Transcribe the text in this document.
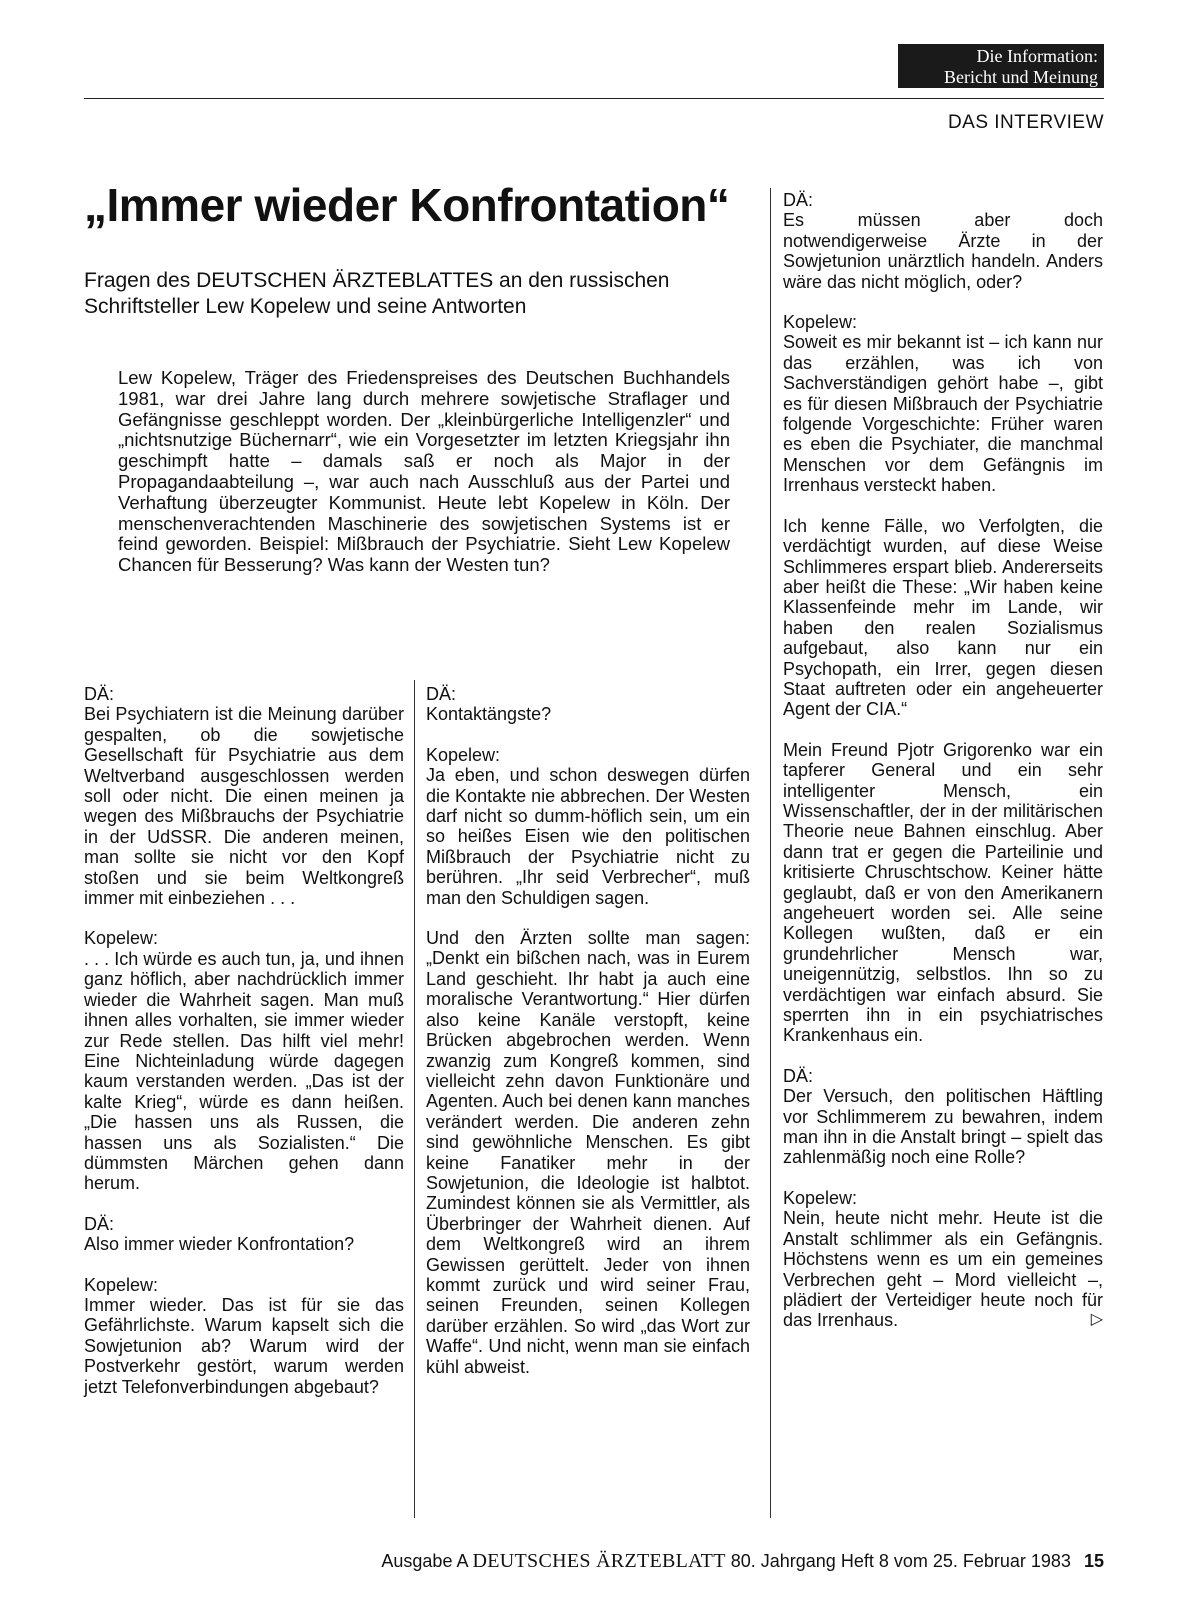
Die Information:
Bericht und Meinung
DAS INTERVIEW
„Immer wieder Konfrontation“

Fragen des DEUTSCHEN ÄRZTEBLATTES an den russischen Schriftsteller Lew Kopelew und seine Antworten

Lew Kopelew, Träger des Friedenspreises des Deutschen Buchhandels 1981, war drei Jahre lang durch mehrere sowjetische Straflager und Gefängnisse geschleppt worden. Der „kleinbürgerliche Intelligenzler“ und „nichtsnutzige Büchernarr“, wie ein Vorgesetzter im letzten Kriegsjahr ihn geschimpft hatte – damals saß er noch als Major in der Propagandaabteilung –, war auch nach Ausschluß aus der Partei und Verhaftung überzeugter Kommunist. Heute lebt Kopelew in Köln. Der menschenverachtenden Maschinerie des sowjetischen Systems ist er feind geworden. Beispiel: Mißbrauch der Psychiatrie. Sieht Lew Kopelew Chancen für Besserung? Was kann der Westen tun?

DÄ:
Bei Psychiatern ist die Meinung darüber gespalten, ob die sowjetische Gesellschaft für Psychiatrie aus dem Weltverband ausgeschlossen werden soll oder nicht. Die einen meinen ja wegen des Mißbrauchs der Psychiatrie in der UdSSR. Die anderen meinen, man sollte sie nicht vor den Kopf stoßen und sie beim Weltkongreß immer mit einbeziehen . . .

Kopelew:
. . . Ich würde es auch tun, ja, und ihnen ganz höflich, aber nachdrücklich immer wieder die Wahrheit sagen. Man muß ihnen alles vorhalten, sie immer wieder zur Rede stellen. Das hilft viel mehr! Eine Nichteinladung würde dagegen kaum verstanden werden. „Das ist der kalte Krieg“, würde es dann heißen. „Die hassen uns als Russen, die hassen uns als Sozialisten.“ Die dümmsten Märchen gehen dann herum.

DÄ:
Also immer wieder Konfrontation?

Kopelew:
Immer wieder. Das ist für sie das Gefährlichste. Warum kapselt sich die Sowjetunion ab? Warum wird der Postverkehr gestört, warum werden jetzt Telefonverbindungen abgebaut?

DÄ:
Kontaktängste?

Kopelew:
Ja eben, und schon deswegen dürfen die Kontakte nie abbrechen. Der Westen darf nicht so dumm-höflich sein, um ein so heißes Eisen wie den politischen Mißbrauch der Psychiatrie nicht zu berühren. „Ihr seid Verbrecher“, muß man den Schuldigen sagen.

Und den Ärzten sollte man sagen: „Denkt ein bißchen nach, was in Eurem Land geschieht. Ihr habt ja auch eine moralische Verantwortung.“ Hier dürfen also keine Kanäle verstopft, keine Brücken abgebrochen werden. Wenn zwanzig zum Kongreß kommen, sind vielleicht zehn davon Funktionäre und Agenten. Auch bei denen kann manches verändert werden. Die anderen zehn sind gewöhnliche Menschen. Es gibt keine Fanatiker mehr in der Sowjetunion, die Ideologie ist halbtot. Zumindest können sie als Vermittler, als Überbringer der Wahrheit dienen. Auf dem Weltkongreß wird an ihrem Gewissen gerüttelt. Jeder von ihnen kommt zurück und wird seiner Frau, seinen Freunden, seinen Kollegen darüber erzählen. So wird „das Wort zur Waffe“. Und nicht, wenn man sie einfach kühl abweist.

DÄ:
Es müssen aber doch notwendigerweise Ärzte in der Sowjetunion unärztlich handeln. Anders wäre das nicht möglich, oder?

Kopelew:
Soweit es mir bekannt ist – ich kann nur das erzählen, was ich von Sachverständigen gehört habe –, gibt es für diesen Mißbrauch der Psychiatrie folgende Vorgeschichte: Früher waren es eben die Psychiater, die manchmal Menschen vor dem Gefängnis im Irrenhaus versteckt haben.

Ich kenne Fälle, wo Verfolgten, die verdächtigt wurden, auf diese Weise Schlimmeres erspart blieb. Andererseits aber heißt die These: „Wir haben keine Klassenfeinde mehr im Lande, wir haben den realen Sozialismus aufgebaut, also kann nur ein Psychopath, ein Irrer, gegen diesen Staat auftreten oder ein angeheuerter Agent der CIA.“

Mein Freund Pjotr Grigorenko war ein tapferer General und ein sehr intelligenter Mensch, ein Wissenschaftler, der in der militärischen Theorie neue Bahnen einschlug. Aber dann trat er gegen die Parteilinie und kritisierte Chruschtschow. Keiner hätte geglaubt, daß er von den Amerikanern angeheuert worden sei. Alle seine Kollegen wußten, daß er ein grundehrlicher Mensch war, uneigennützig, selbstlos. Ihn so zu verdächtigen war einfach absurd. Sie sperrten ihn in ein psychiatrisches Krankenhaus ein.

DÄ:
Der Versuch, den politischen Häftling vor Schlimmerem zu bewahren, indem man ihn in die Anstalt bringt – spielt das zahlenmäßig noch eine Rolle?

Kopelew:
Nein, heute nicht mehr. Heute ist die Anstalt schlimmer als ein Gefängnis. Höchstens wenn es um ein gemeines Verbrechen geht – Mord vielleicht –, plädiert der Verteidiger heute noch für das Irrenhaus.	▷

Ausgabe A DEUTSCHES ÄRZTEBLATT 80. Jahrgang Heft 8 vom 25. Februar 1983 15
